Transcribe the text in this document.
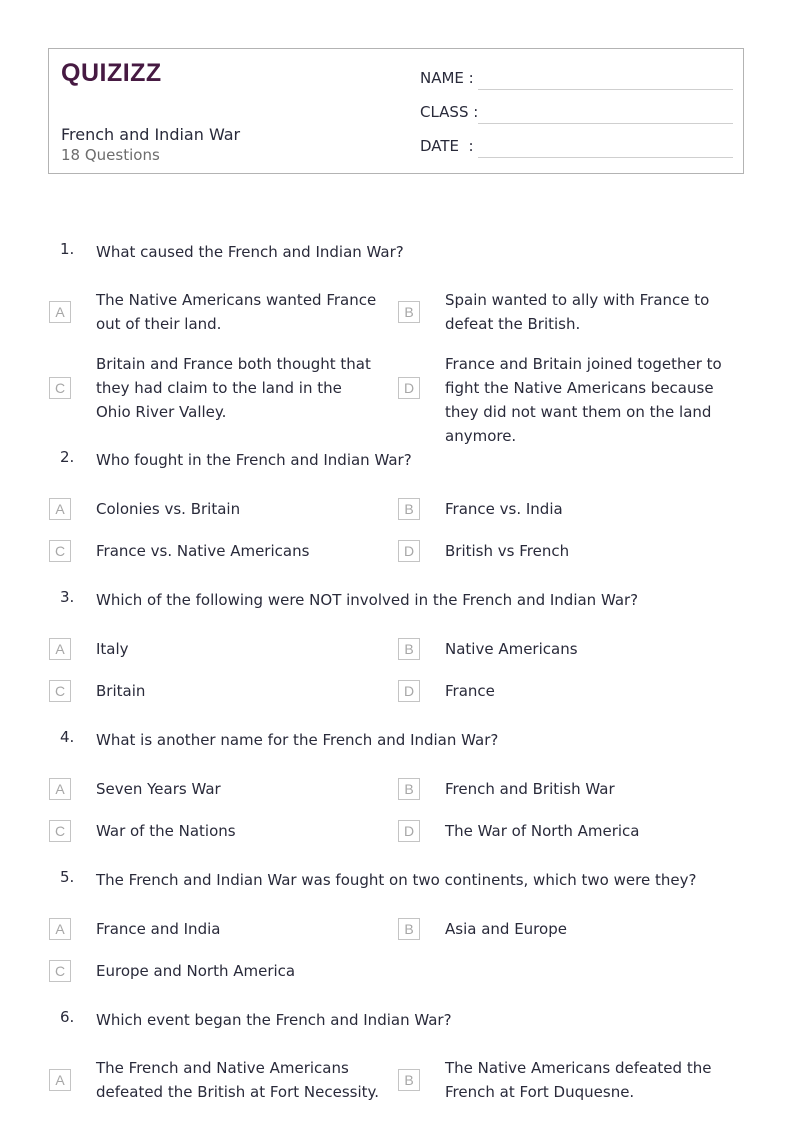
QUIZIZZ
French and Indian War
18 Questions
NAME :
CLASS :
DATE  :
1. What caused the French and Indian War?
A
The Native Americans wanted France out of their land.
B
Spain wanted to ally with France to defeat the British.
C
Britain and France both thought that they had claim to the land in the Ohio River Valley.
D
France and Britain joined together to fight the Native Americans because they did not want them on the land anymore.
2. Who fought in the French and Indian War?
A	Colonies vs. Britain	B	France vs. India
C	France vs. Native Americans	D	British vs French
3. Which of the following were NOT involved in the French and Indian War?
A	Italy	B	Native Americans
C	Britain	D	France
4. What is another name for the French and Indian War?
A	Seven Years War	B	French and British War
C	War of the Nations	D	The War of North America
5. The French and Indian War was fought on two continents, which two were they?
A	France and India	B	Asia and Europe
C	Europe and North America
6. Which event began the French and Indian War?
A
The French and Native Americans defeated the British at Fort Necessity.
B
The Native Americans defeated the French at Fort Duquesne.
